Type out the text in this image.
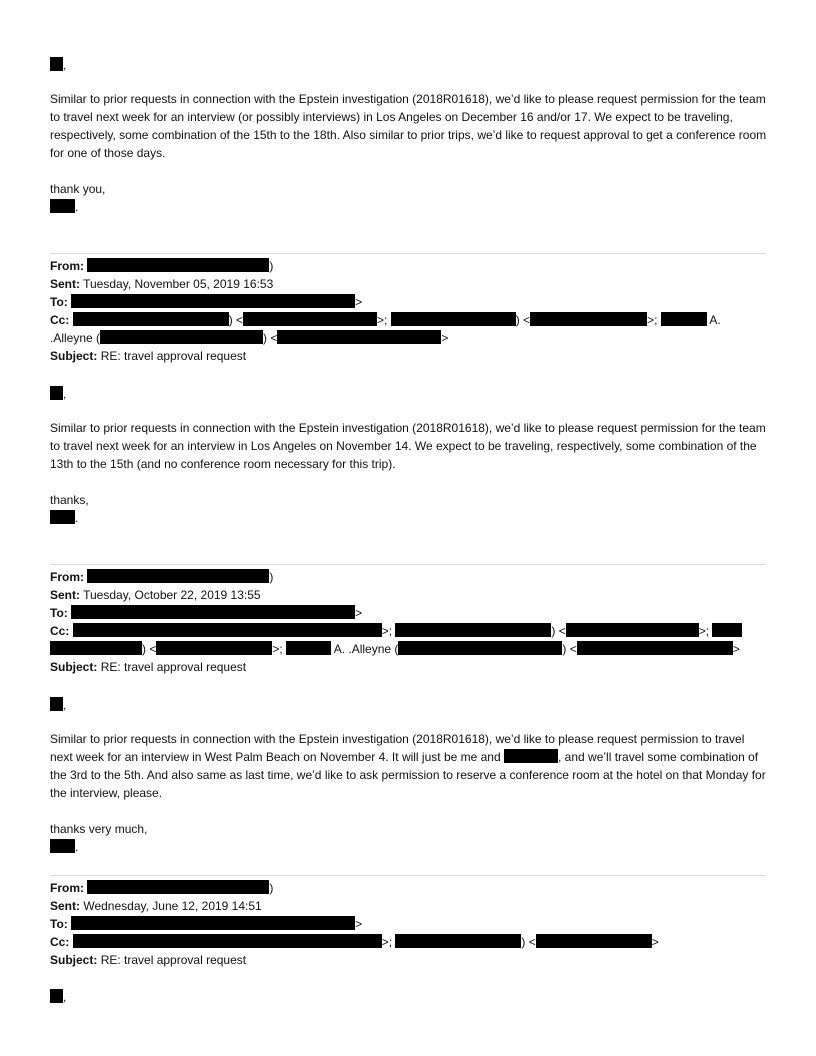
,

Similar to prior requests in connection with the Epstein investigation (2018R01618), we’d like to please request permission for the team to travel next week for an interview (or possibly interviews) in Los Angeles on December 16 and/or 17. We expect to be traveling, respectively, some combination of the 15th to the 18th. Also similar to prior trips, we’d like to request approval to get a conference room for one of those days.

thank you,

.

From:	)
Sent: Tuesday, November 05, 2019 16:53
To:	>
Cc:	) <	>;	) <	>;	A.
.Alleyne (	) <	>
Subject: RE: travel approval request

,

Similar to prior requests in connection with the Epstein investigation (2018R01618), we’d like to please request permission for the team to travel next week for an interview in Los Angeles on November 14. We expect to be traveling, respectively, some combination of the 13th to the 15th (and no conference room necessary for this trip).

thanks,

.

From:	)
Sent: Tuesday, October 22, 2019 13:55
To:	>
Cc:	>;	) <	>;
) <	>;	A. .Alleyne (	) <	>
Subject: RE: travel approval request

,

Similar to prior requests in connection with the Epstein investigation (2018R01618), we’d like to please request permission to travel next week for an interview in West Palm Beach on November 4. It will just be me and	, and we’ll travel some combination of the 3rd to the 5th. And also same as last time, we’d like to ask permission to reserve a conference room at the hotel on that Monday for the interview, please.

thanks very much,

.

From:	)
Sent: Wednesday, June 12, 2019 14:51
To:	>
Cc:	>;	) <	>
Subject: RE: travel approval request

,
